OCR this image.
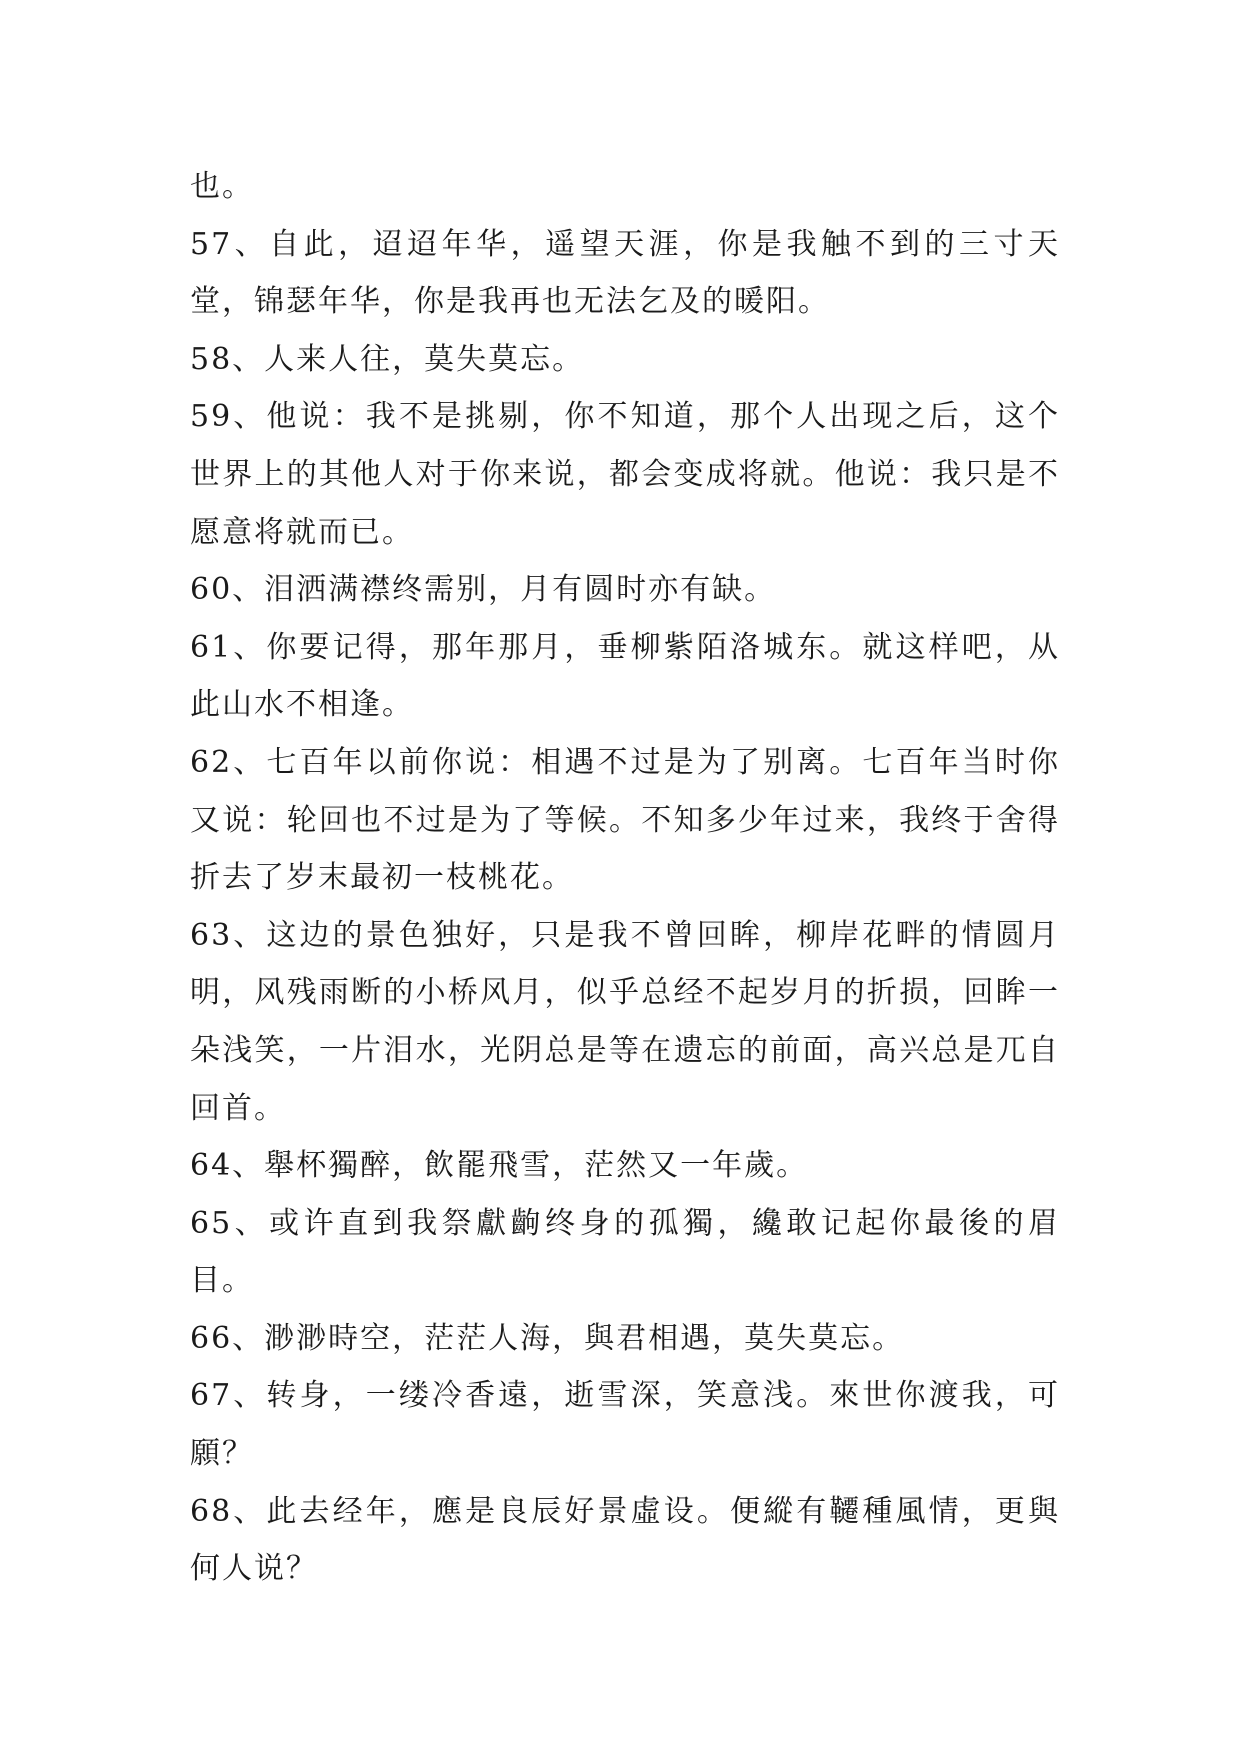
也。

57、自此，迢迢年华，遥望天涯，你是我触不到的三寸天堂，锦瑟年华，你是我再也无法乞及的暖阳。

58、人来人往，莫失莫忘。

59、他说：我不是挑剔，你不知道，那个人出现之后，这个世界上的其他人对于你来说，都会变成将就。他说：我只是不愿意将就而已。

60、泪洒满襟终需别，月有圆时亦有缺。

61、你要记得，那年那月，垂柳紫陌洛城东。就这样吧，从此山水不相逢。

62、七百年以前你说：相遇不过是为了别离。七百年当时你又说：轮回也不过是为了等候。不知多少年过来，我终于舍得折去了岁末最初一枝桃花。

63、这边的景色独好，只是我不曾回眸，柳岸花畔的情圆月明，风残雨断的小桥风月，似乎总经不起岁月的折损，回眸一朵浅笑，一片泪水，光阴总是等在遗忘的前面，高兴总是兀自回首。

64、舉杯獨醉，飲罷飛雪，茫然又一年歲。

65、或许直到我祭獻齣终身的孤獨，纔敢记起你最後的眉目。

66、渺渺時空，茫茫人海，與君相遇，莫失莫忘。

67、转身，一缕冷香遠，逝雪深，笑意浅。來世你渡我，可願？

68、此去经年，應是良辰好景虛设。便縱有韆種風情，更與何人说？
